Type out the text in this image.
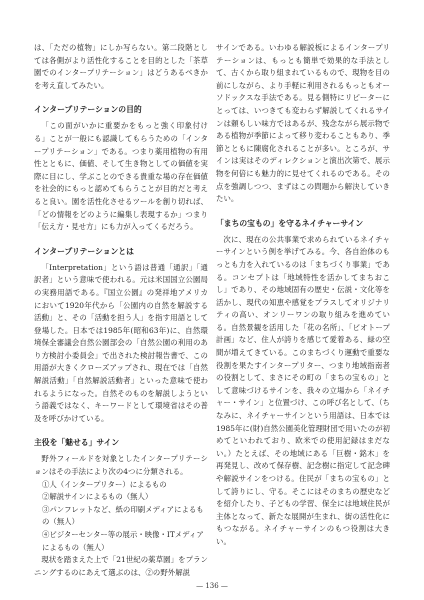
は、「ただの植物」にしか写らない。第二段階としては各側がより活性化することを目的とした「茶草園でのインタープリテーション」はどうあるべきかを考え直してみたい。
インタープリテーションの目的
「この面がいかに重要かをもっと強く印象付ける」ことが一般にも認識してもらうための「インタープリテーション」である。つまり薬用植物の有用性とともに、価値、そして生き物としての価値を実際に目にし、学ぶことのできる貴重な場の存在価値を社会的にもっと認めてもらうことが目的だと考えると良い。園を活性化させるツールを創り切れば、「どの情報をどのように編集し表現するか」つまり「伝え方・見せ方」にも力が入ってくるだろう。
インタープリテーションとは
「Interpretation」という語は普通「通訳」「通訳者」という意味で使われる。元は米国国立公園局の実務用語である。『国立公園』の発祥地アメリカにおいて1920年代から「公園内の自然を解説する活動」と、その「活動を担う人」を指す用語として登場した。日本では1985年(昭和63年)に、自然環境保全審議会自然公園部会の「自然公園の利用のあり方検討小委員会」で出された検討報告書で、この用語が大きくクローズアップされ、現在では「自然解説活動」「自然解説活動者」といった意味で使われるようになった。自然そのものを解説しようという語義ではなく、キーワードとして環境省はその普及を呼びかけている。
主役を「魅せる」サイン
野外フィールドを対象としたインタープリテーションはその手法により次の4つに分類される。
①人（インタープリター）によるもの
②解説サインによるもの（無人）
③パンフレットなど、紙の印刷メディアによるもの（無人）
④ビジターセンター等の展示・映像・ITメディアによるもの（無人）
現状を踏まえた上で「21世紀の薬草園」をプランニングするのにあえて選ぶのは、②の野外解説
サインである。いわゆる解説板によるインタープリテーションは、もっとも簡単で効果的な手法として、古くから取り組まれているもので、現物を目の前にしながら、より手軽に利用されるもっともオーソドックスな手法である。見る側特にリピーターにとっては、いつきても変わらず解説してくれるサインは頼もしい味方ではあるが、残念ながら展示物である植物が季節によって移り変わることもあり、季節とともに陳腐化されることが多い。ところが、サインは実はそのディレクションと演出次第で、展示物を何倍にも魅力的に見せてくれるのである。その点を強調しつつ、まずはこの問題から解決していきたい。
「まちの宝もの」を守るネイチャーサイン
次に、現在の公共事業で求められているネイチャーサインという例を挙げてみる。今、各自治体のもっとも力を入れているのは「まちづくり事業」である。コンセプトは「地域特性を活かしてまちおこし」であり、その地域固有の歴史・伝説・文化等を活かし、現代の知恵や感覚をプラスしてオリジナリティの高い、オンリーワンの取り組みを進めている。自然景観を活用した「花の名所」、「ビオトープ計画」など、住人が誇りを感じて愛着ある、緑の空間が増えてきている。このまちづくり運動で重要な役割を果たすインタープリター、つまり地域指南者の役割として、まさにその町の「まちの宝もの」として意味づけるサインを、我々の立場から「ネイチャー・サイン」と位置づけ、この呼び名として、（ちなみに、ネイチャーサインという用語は、日本では1985年に(財)自然公園美化管理財団で用いたのが初めてといわれており、欧米での使用記録はまだない。）たとえば、その地域にある「巨樹・銘木」を再発見し、改めて保存樹、記念樹に指定して記念碑や解説サインをつける。住民が「まちの宝もの」として誇りにし、守る。そこにはそのまちの歴史などを紹介したり、子どもの学習、保全には地域住民が主体となって、新たな展開が生まれ、街の活性化にもつながる。ネイチャーサインのもつ役割は大きい。
— 136 —
